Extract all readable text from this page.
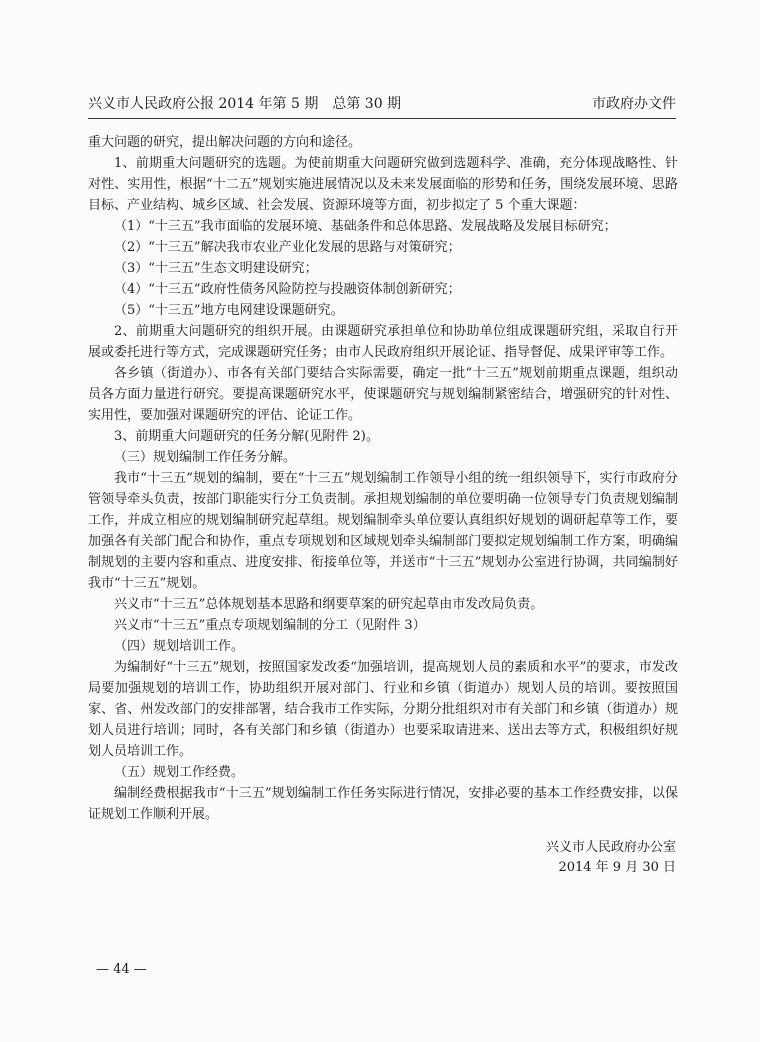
兴义市人民政府公报 2014 年第 5 期　总第 30 期	市政府办文件

重大问题的研究，提出解决问题的方向和途径。

1、前期重大问题研究的选题。为使前期重大问题研究做到选题科学、准确，充分体现战略性、针对性、实用性，根据“十二五”规划实施进展情况以及未来发展面临的形势和任务，围绕发展环境、思路目标、产业结构、城乡区域、社会发展、资源环境等方面，初步拟定了 5 个重大课题：

（1）“十三五”我市面临的发展环境、基础条件和总体思路、发展战略及发展目标研究；

（2）“十三五”解决我市农业产业化发展的思路与对策研究；

（3）“十三五”生态文明建设研究；

（4）“十三五”政府性债务风险防控与投融资体制创新研究；

（5）“十三五”地方电网建设课题研究。

2、前期重大问题研究的组织开展。由课题研究承担单位和协助单位组成课题研究组，采取自行开展或委托进行等方式，完成课题研究任务；由市人民政府组织开展论证、指导督促、成果评审等工作。

各乡镇（街道办）、市各有关部门要结合实际需要，确定一批“十三五”规划前期重点课题，组织动员各方面力量进行研究。要提高课题研究水平，使课题研究与规划编制紧密结合，增强研究的针对性、实用性，要加强对课题研究的评估、论证工作。

3、前期重大问题研究的任务分解(见附件 2)。

（三）规划编制工作任务分解。

我市“十三五”规划的编制，要在“十三五”规划编制工作领导小组的统一组织领导下，实行市政府分管领导牵头负责，按部门职能实行分工负责制。承担规划编制的单位要明确一位领导专门负责规划编制工作，并成立相应的规划编制研究起草组。规划编制牵头单位要认真组织好规划的调研起草等工作，要加强各有关部门配合和协作，重点专项规划和区域规划牵头编制部门要拟定规划编制工作方案，明确编制规划的主要内容和重点、进度安排、衔接单位等，并送市“十三五”规划办公室进行协调，共同编制好我市“十三五”规划。

兴义市“十三五”总体规划基本思路和纲要草案的研究起草由市发改局负责。

兴义市“十三五”重点专项规划编制的分工（见附件 3）

（四）规划培训工作。

为编制好“十三五”规划，按照国家发改委“加强培训，提高规划人员的素质和水平”的要求，市发改局要加强规划的培训工作，协助组织开展对部门、行业和乡镇（街道办）规划人员的培训。要按照国家、省、州发改部门的安排部署，结合我市工作实际，分期分批组织对市有关部门和乡镇（街道办）规划人员进行培训；同时，各有关部门和乡镇（街道办）也要采取请进来、送出去等方式，积极组织好规划人员培训工作。

（五）规划工作经费。

编制经费根据我市“十三五”规划编制工作任务实际进行情况，安排必要的基本工作经费安排，以保证规划工作顺利开展。

兴义市人民政府办公室
2014 年 9 月 30 日
— 44 —
